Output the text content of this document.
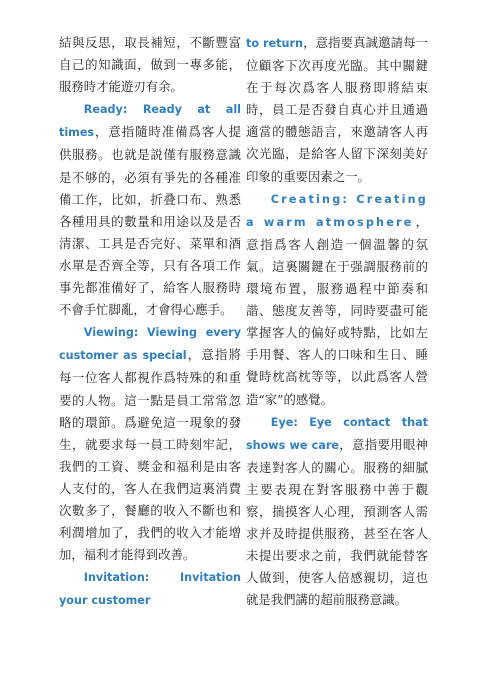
結與反思，取長補短，不斷豐富自己的知識面，做到一專多能，服務時才能遊刃有余。

Ready: Ready at all times，意指隨時准備爲客人提供服務。也就是説僅有服務意識是不够的，必須有爭先的各種准備工作，比如，折叠口布、熟悉各種用具的數量和用途以及是否清潔、工具是否完好、菜單和酒水單是否齊全等，只有各項工作事先都准備好了，給客人服務時不會手忙脚亂，才會得心應手。

Viewing: Viewing every customer as special，意指將每一位客人都視作爲特殊的和重要的人物。這一點是員工常常忽略的環節。爲避免這一現象的發生，就要求每一員工時刻牢記，我們的工資、獎金和福利是由客人支付的，客人在我們這裏消費次數多了，餐廳的收入不斷也和利潤增加了，我們的收入才能增加，福利才能得到改善。

Invitation: Invitation your customer

to return，意指要真誠邀請每一位顧客下次再度光臨。其中關鍵在于每次爲客人服務即將結束時，員工是否發自真心并且通過適當的體態語言，來邀請客人再次光臨，是給客人留下深刻美好印象的重要因素之一。

Creating: Creating a warm atmosphere，意指爲客人創造一個溫馨的氛氣。這裏關鍵在于强調服務前的環境布置，服務過程中節奏和諧、態度友善等，同時要盡可能掌握客人的偏好或特點，比如左手用餐、客人的口味和生日、睡覺時枕高枕等等，以此爲客人營造“家”的感覺。

Eye: Eye contact that shows we care，意指要用眼神表達對客人的關心。服務的細膩主要表現在對客服務中善于觀察，揣摸客人心理，預測客人需求并及時提供服務，甚至在客人未提出要求之前，我們就能替客人做到，使客人倍感親切，這也就是我們講的超前服務意識。
